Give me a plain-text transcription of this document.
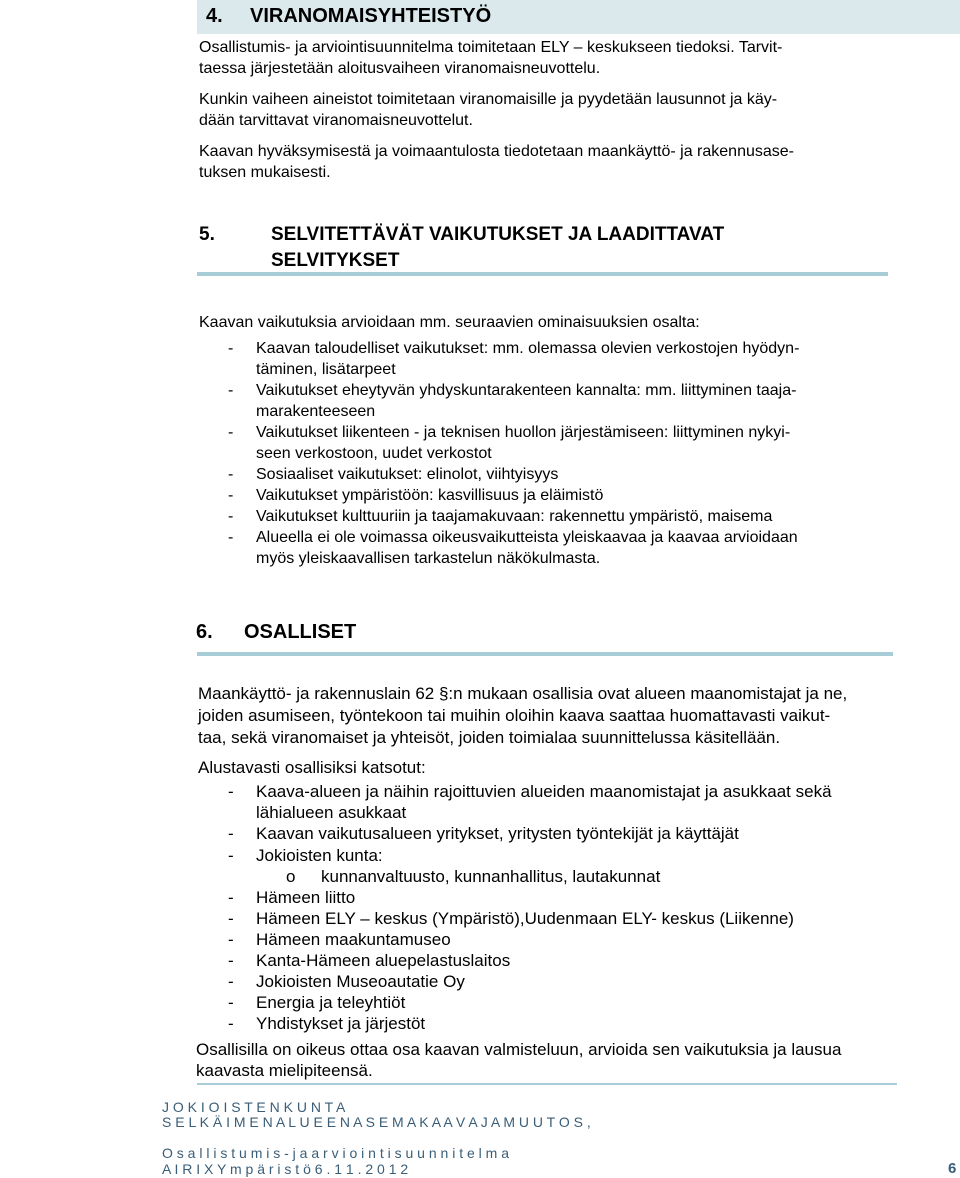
4. VIRANOMAISYHTEISTYÖ
Osallistumis- ja arviointisuunnitelma toimitetaan ELY – keskukseen tiedoksi. Tarvit-
taessa järjestetään aloitusvaiheen viranomaisneuvottelu.
Kunkin vaiheen aineistot toimitetaan viranomaisille ja pyydetään lausunnot ja käy-
dään tarvittavat viranomaisneuvottelut.
Kaavan hyväksymisestä ja voimaantulosta tiedotetaan maankäyttö- ja rakennusase-
tuksen mukaisesti.
5.	SELVITETTÄVÄT VAIKUTUKSET JA LAADITTAVAT
SELVITYKSET
Kaavan vaikutuksia arvioidaan mm. seuraavien ominaisuuksien osalta:
- Kaavan taloudelliset vaikutukset: mm. olemassa olevien verkostojen hyödyn-
täminen, lisätarpeet
- Vaikutukset eheytyvän yhdyskuntarakenteen kannalta: mm. liittyminen taaja-
marakenteeseen
- Vaikutukset liikenteen - ja teknisen huollon järjestämiseen: liittyminen nykyi-
seen verkostoon, uudet verkostot
- Sosiaaliset vaikutukset: elinolot, viihtyisyys
- Vaikutukset ympäristöön: kasvillisuus ja eläimistö
- Vaikutukset kulttuuriin ja taajamakuvaan: rakennettu ympäristö, maisema
- Alueella ei ole voimassa oikeusvaikutteista yleiskaavaa ja kaavaa arvioidaan
myös yleiskaavallisen tarkastelun näkökulmasta.
6. OSALLISET
Maankäyttö- ja rakennuslain 62 §:n mukaan osallisia ovat alueen maanomistajat ja ne,
joiden asumiseen, työntekoon tai muihin oloihin kaava saattaa huomattavasti vaikut-
taa, sekä viranomaiset ja yhteisöt, joiden toimialaa suunnittelussa käsitellään.
Alustavasti osallisiksi katsotut:
- Kaava-alueen ja näihin rajoittuvien alueiden maanomistajat ja asukkaat sekä
lähialueen asukkaat
- Kaavan vaikutusalueen yritykset, yritysten työntekijät ja käyttäjät
- Jokioisten kunta:
o kunnanvaltuusto, kunnanhallitus, lautakunnat
- Hämeen liitto
- Hämeen ELY – keskus (Ympäristö),Uudenmaan ELY- keskus (Liikenne)
- Hämeen maakuntamuseo
- Kanta-Hämeen aluepelastuslaitos
- Jokioisten Museoautatie Oy
- Energia ja teleyhtiöt
- Yhdistykset ja järjestöt
Osallisilla on oikeus ottaa osa kaavan valmisteluun, arvioida sen vaikutuksia ja lausua
kaavasta mielipiteensä.
J O K I O I S T E N K U N T A
S E L K Ä I M E N A L U E E N A S E M A K A A V A J A M U U T O S ,
O s a l l i s t u m i s - j a a r v i o i n t i s u u n n i t e l m a
A I R I X Y m p ä r i s t ö 6 . 1 1 . 2 0 1 2	6
